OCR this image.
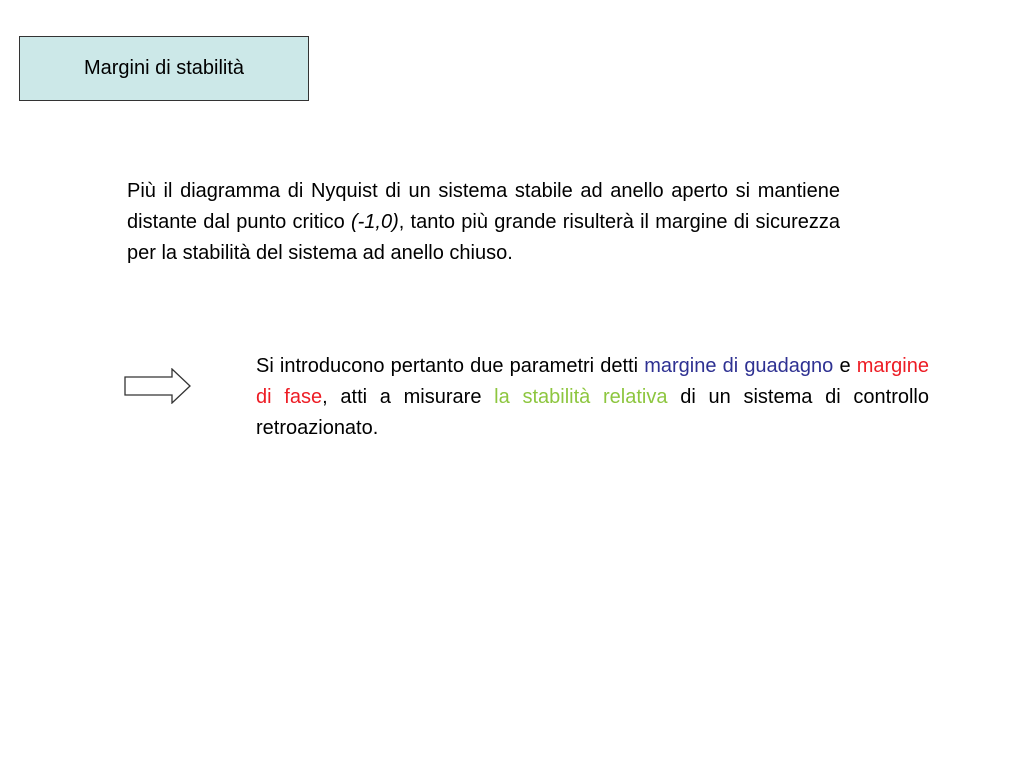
Margini di stabilità
Più il diagramma di Nyquist di un sistema stabile ad anello aperto si mantiene distante dal punto critico (-1,0), tanto più grande risulterà il margine di sicurezza per la stabilità del sistema ad anello chiuso.
Si introducono pertanto due parametri detti margine di guadagno e margine di fase, atti a misurare la stabilità relativa di un sistema di controllo retroazionato.
